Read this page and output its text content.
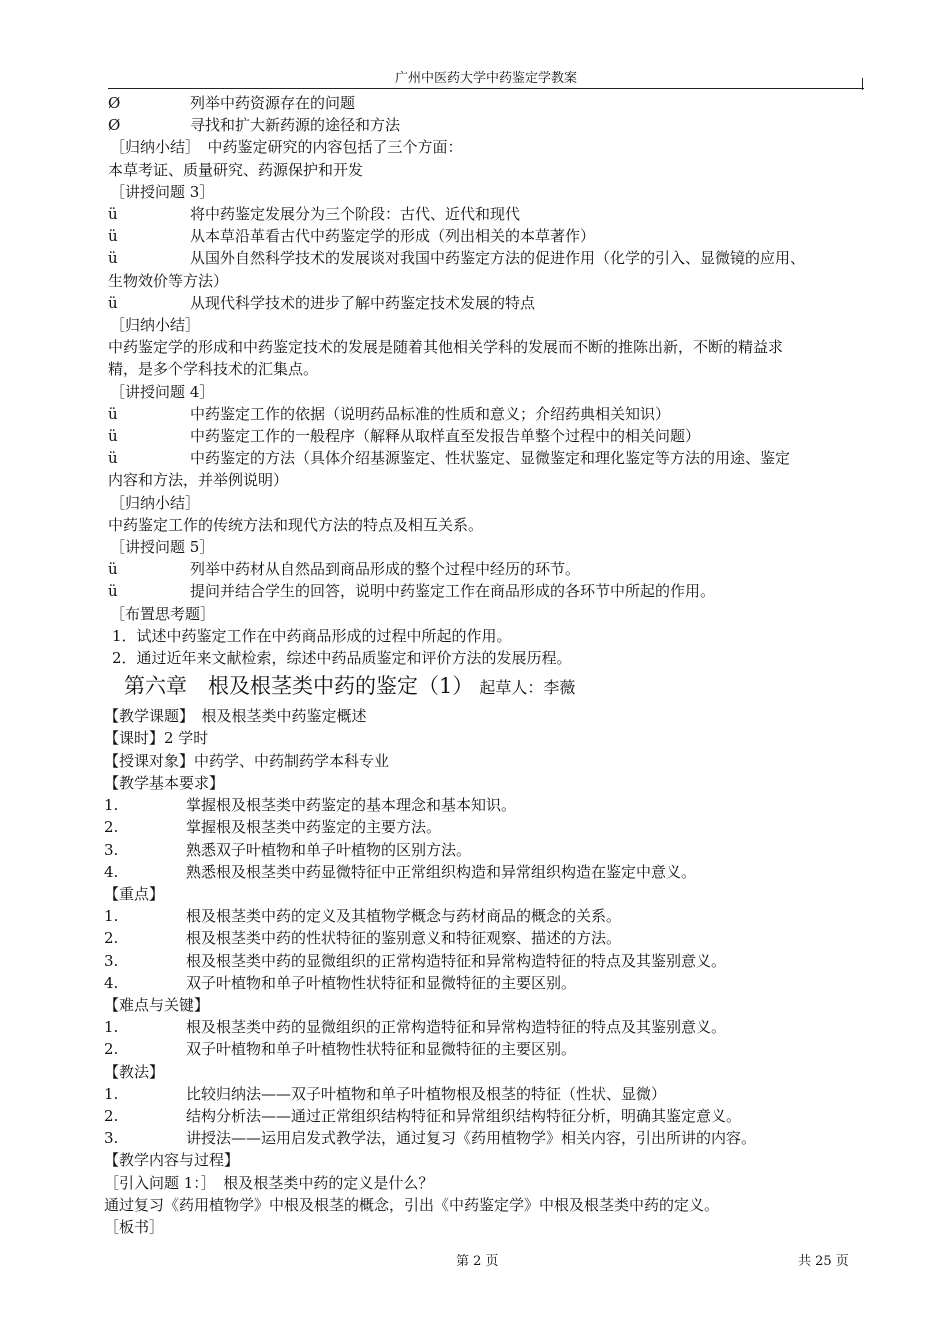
广州中医药大学中药鉴定学教案
Ø	列举中药资源存在的问题
Ø	寻找和扩大新药源的途径和方法
［归纳小结］　中药鉴定研究的内容包括了三个方面：
本草考证、质量研究、药源保护和开发
［讲授问题 3］
ü	将中药鉴定发展分为三个阶段：古代、近代和现代
ü	从本草沿革看古代中药鉴定学的形成（列出相关的本草著作）
ü	从国外自然科学技术的发展谈对我国中药鉴定方法的促进作用（化学的引入、显微镜的应用、
生物效价等方法）
ü	从现代科学技术的进步了解中药鉴定技术发展的特点
［归纳小结］
中药鉴定学的形成和中药鉴定技术的发展是随着其他相关学科的发展而不断的推陈出新，不断的精益求
精，是多个学科技术的汇集点。
［讲授问题 4］
ü	中药鉴定工作的依据（说明药品标准的性质和意义；介绍药典相关知识）
ü	中药鉴定工作的一般程序（解释从取样直至发报告单整个过程中的相关问题）
ü	中药鉴定的方法（具体介绍基源鉴定、性状鉴定、显微鉴定和理化鉴定等方法的用途、鉴定
内容和方法，并举例说明）
［归纳小结］
中药鉴定工作的传统方法和现代方法的特点及相互关系。
［讲授问题 5］
ü	列举中药材从自然品到商品形成的整个过程中经历的环节。
ü	提问并结合学生的回答，说明中药鉴定工作在商品形成的各环节中所起的作用。
［布置思考题］
1．试述中药鉴定工作在中药商品形成的过程中所起的作用。
2．通过近年来文献检索，综述中药品质鉴定和评价方法的发展历程。
第六章　根及根茎类中药的鉴定（1） 起草人：李薇
【教学课题】　根及根茎类中药鉴定概述
【课时】2 学时
【授课对象】中药学、中药制药学本科专业
【教学基本要求】
1.	掌握根及根茎类中药鉴定的基本理念和基本知识。
2.	掌握根及根茎类中药鉴定的主要方法。
3.	熟悉双子叶植物和单子叶植物的区别方法。
4.	熟悉根及根茎类中药显微特征中正常组织构造和异常组织构造在鉴定中意义。
【重点】
1.	根及根茎类中药的定义及其植物学概念与药材商品的概念的关系。
2.	根及根茎类中药的性状特征的鉴别意义和特征观察、描述的方法。
3.	根及根茎类中药的显微组织的正常构造特征和异常构造特征的特点及其鉴别意义。
4.	双子叶植物和单子叶植物性状特征和显微特征的主要区别。
【难点与关键】
1.	根及根茎类中药的显微组织的正常构造特征和异常构造特征的特点及其鉴别意义。
2.	双子叶植物和单子叶植物性状特征和显微特征的主要区别。
【教法】
1.	比较归纳法——双子叶植物和单子叶植物根及根茎的特征（性状、显微）
2.	结构分析法——通过正常组织结构特征和异常组织结构特征分析，明确其鉴定意义。
3.	讲授法——运用启发式教学法，通过复习《药用植物学》相关内容，引出所讲的内容。
【教学内容与过程】
［引入问题 1：］　根及根茎类中药的定义是什么？
通过复习《药用植物学》中根及根茎的概念，引出《中药鉴定学》中根及根茎类中药的定义。
［板书］
第 2 页	共 25 页
